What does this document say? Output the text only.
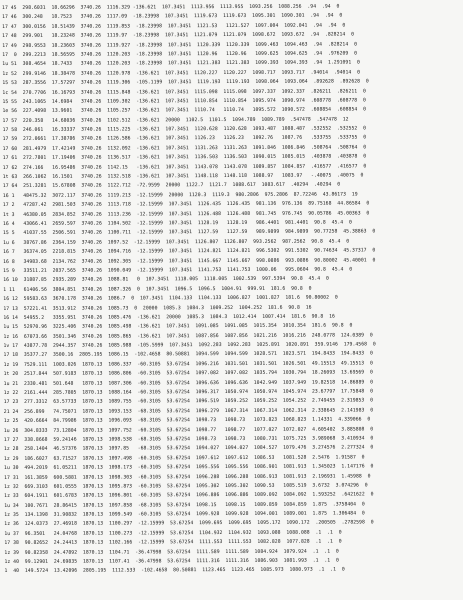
17 45  298.6031  18.66296  3740.26  1116.329 -136.621  107.3451  1113.956  1113.955  1093.256  1088.256  .94  .94  0
17 46  300.248   18.7523   3740.26  1117.09  -18.23998  107.3451  1119.673  1119.673  1095.301  1090.301  .94  .94  0
17 47  300.0156  18.51439  3740.26  1119.853  -18.23998  107.3451  1121.53   1121.527  1097.004  1092.041  .94  .94  0
17 48  299.901   18.23248  3740.26  1119.97  -18.23998  107.3451  1121.079  1121.079  1098.672  1093.672  .94  .828214  0
17 49  298.9553  18.23603  3740.26  1119.927  -18.23998  107.3451  1120.339  1120.339  1099.463  1094.463  .94  .828214  0
17  0  299.2213  18.56595  3740.26  1120.203  -18.23998  107.3451  1120.96   1120.96   1099.625  1094.625  .94  .976209  0
1u 51  308.4654  18.7433   3740.26  1120.203  -18.23998  107.3451  1121.383  1121.383  1099.393  1094.393  .94  1.291091  0
1z 52  299.9146  18.38478  3740.26  1120.978  -136.621  107.3451  1120.227  1120.227  1098.717  1093.717  .94014  .94014  0
15 53  287.3556  17.57297  3740.26  1119.306  -105.1199  107.3451  1119.193  1119.193  1098.064  1093.064  .892628  .892628  0
1c 54  270.7706  16.16793  3740.26  1115.848  -136.621  107.3451  1115.098  1115.098  1097.337  1092.337  .826211  .826211  0
15 55  243.1065  14.6984   3740.26  1109.302  -136.621  107.3451  1110.854  1110.854  1095.974  1090.974  .608778  .608778  0
1e 56  227.4098  13.9601   3740.26  1105.257  -136.621  107.3451  1110.74   1110.74   1095.572  1090.572  .608854  .608854  0
17 57  220.358   14.68036  3740.26  1102.512  -136.621  20000  1102.5  1101.5  1094.789  1089.789  .547478  .547478  12
17 58  246.061   16.33337  3740.26  1115.225  -136.621  107.3451  1120.628  1120.628  1093.487  1088.487  .532552  .532552  0
17 59  272.0661  17.38786  3740.26  1126.586  -136.621  107.3451  1126.23   1126.23   1092.76   1087.76   .533755  .533755  0
17 60  281.4979  17.42149  3740.26  1132.092  -136.621  107.3451  1131.263  1131.263  1091.846  1086.846  .508764  .508764  0
17 61  272.7801  17.19406  3740.26  1136.517  -136.621  107.3451  1136.503  1136.503  1090.015  1085.015  .403878  .403878  0
17 62  274.166   16.95486  3740.26  1142.15   -136.621  107.3451  1143.078  1143.078  1089.857  1084.857  .416577  .416577  0
1t 63  266.1062  16.1501   3740.26  1132.518  -136.621  107.3451  1148.118  1148.118  1088.97   1083.97   -.40075  .40075  0
17 64  251.3281  15.67808  3740.26  1122.712  -72.9599  20000  1122.7  1121.7  1088.617  1083.617  .40294  .40294  0
16 1   48475.32  3072.117  3740.26  1119.213  -12.15999  20000  1120.3  1119.3  980.2806  975.2806  87.72246  43.86173  19
17 2   47287.42  2981.503  3740.26  1113.718  -12.15999  107.3451  1126.435  1126.435  981.136  976.136  89.75168  44.86584  0
1t 3   46380.05  2834.852  3740.26  1113.236  -12.15999  107.3451  1126.488  1126.488  981.745  976.745  90.05786  45.00363  0
16 4   43066.41  2659.597  3740.26  1104.502  -12.15999  107.3451  1128.19   1128.19   986.4401  981.4401  90.8  45.4  0
15 5   41037.55  2506.591  3740.26  1100.711  -12.15999  107.3451  1127.59   1127.59   989.9899  984.9899  90.77258  45.38863  0
1u 6   38767.86  2364.159  3740.26  1097.52  -12.15999  107.3451  1126.807  1126.807  993.2562  987.2562  90.8  45.4  0
16 7   36374.05  2218.815  3740.26  1094.716  -12.15999  107.3451  1124.821  1124.821  996.5302  991.5302  90.74634  45.37317  0
16 8   34983.68  2134.762  3740.26  1092.305  -12.15999  107.3451  1145.667  1145.667  998.0886  993.0886  90.80002  45.40001  0
15 9   33511.21  2037.565  3740.26  1090.049  -12.15999  107.3451  1141.753  1141.753  1000.06   995.0604  90.8  45.4  0
16 10  31887.85  2935.289  3740.26  1088.81   0  107.3451  1118.005  1118.005  1002.539  997.5394  90.8  45.4  0
1 11   61406.56  3804.851  3740.26  1087.326  0  107.3451  1096.5  1096.5  1004.91  999.91  181.6  90.8  0
16 12  59583.63  3670.178  3740.26  1086.7  0  107.3451  1104.133  1104.133  1006.827  1001.827  181.6  90.80002  0
17 13  57221.41  3513.912  3740.26  1085.73  0  20000  1085.3  1084.3  1009.252  1004.252  181.6  90.8  16
16 14  54955.2   3355.951  3740.26  1085.476  -136.621  20000  1085.3  1084.3  1012.414  1007.414  181.6  90.8  16
1u 15  52970.96  3225.406  3740.26  1085.498  -136.621  107.3451  1091.085  1091.085  1015.354  1010.354  181.6  90.8  0
1z 16  67073.66  3501.346  3740.26  1085.865  -136.621  107.3451  1087.856  1087.856  1021.216  1016.216  248.0778  124.0389  0
1v 17  43877.78  2944.357  3740.26  1085.988  -105.5999  107.3451  1092.283  1092.283  1025.891  1020.891  359.9146  179.4568  0
17 18  35377.27  3500.16  2805.195  1086.15  -102.4658  80.50881  1094.599  1094.599  1028.571  1023.571  194.8433  194.8433  0
1z 19  7529.111  1003.026  1870.13  1086.337  -60.3105  53.67254  1096.216  1031.501  1031.501  1026.501  49.15513  49.15513  0
1t 20  2517.844  507.9183  1870.13  1086.806  -60.3105  53.67254  1097.082  1097.082  1035.794  1030.794  18.26093  13.69569  0
1u 21  2330.481  501.648   1870.13  1087.306  -60.3105  53.67254  1096.636  1096.636  1042.949  1037.949  19.82518  14.86889  0
1z 22  2161.444  285.7805  1870.13  1088.164  -60.3105  53.67254  1096.317  1050.974  1050.974  1045.974  23.67797  17.75848  0
17 23  277.3312  63.57733  1870.13  1089.755  -60.3105  53.67254  1096.519  1059.252  1059.252  1054.252  2.749455  2.319853  0
21 24  256.899   74.75071  1870.13  1093.153  -68.3105  53.67254  1096.279  1067.314  1067.314  1062.314  2.338645  2.141983  0
1z 25  420.6664  84.79986  1870.13  1096.093  -68.3105  53.67254  1098.73   1098.73   1073.823  1068.823  1.14331  4.339066  0
1u 26  304.8333  73.12804  1870.13  1097.752  -60.3105  53.67254  1098.77   1098.77   1077.027  1072.027  4.605402  3.885808  0
17 27  338.8668  59.24146  1870.13  1098.538  -68.3105  53.67254  1098.73   1098.73   1080.731  1075.725  3.989068  3.410934  0
1z 28  258.1404  46.57376  1870.13  1097.85   -68.3105  53.67254  1094.027  1094.027  1084.527  1079.476  3.274576  2.277324  0
1z 29  186.6027  63.71527  1870.13  1097.498  -60.3105  53.67254  1097.612  1097.612  1086.53   1081.528  2.5476  1.91587  0
1u 30  494.2019  61.05211  1870.13  1098.173  -60.3105  53.67254  1095.556  1095.556  1086.901  1081.913  1.345023  1.147176  0
17 31  161.3859  600.5881  1870.13  1098.303  -60.3105  53.67254  1096.288  1096.288  1086.913  1081.913  2.196931  1.45988  0
1z 32  669.3103  601.0555  1870.13  1095.873  -60.3105  53.67254  1095.302  1095.302  1090.53   1085.519  3.6732  3.074296  0
1z 33  604.1911  601.6783  1870.13  1096.801  -60.3105  53.67254  1096.886  1096.886  1089.092  1084.092  1.593252  .6421622  0
1u 34  100.7671  28.86415  1870.13  1097.858  -68.3105  53.67254  1098.15   1098.15   1089.859  1084.859  1.875  .3758404  0
1z 35  134.1398  31.90832  1870.13  1099.549  -60.3105  53.67254  1099.928  1099.928  1094.001  1089.001  1.875  1.306484  0
1z 36  124.0373  27.46918  1870.13  1100.297  -12.15999  53.67254  1099.695  1099.695  1095.172  1090.172  .200505  .2782598  0
1u 37  96.3501   24.04768  1870.13  1100.273  -12.15999  53.67254  1104.932  1104.932  1093.088  1088.088  .1  .1  0
17 38  90.82652  24.24413  1870.13  1102.166  -12.15999  53.67254  1111.553  1111.553  1082.828  1077.828  .1  .1  0
1z 39  90.82358  24.47892  1870.13  1104.71  -36.47998  53.67254  1111.589  1111.589  1084.924  1079.924  .1  .1  0
1z 40  99.12901  24.69835  1870.13  1107.41  -36.47998  53.67254  1111.316  1111.316  1086.903  1081.993  .1  .1  0
1  40  149.5724  13.42096  2805.195  1112.533  -102.4658  80.50881  1123.465  1123.465  1085.973  1080.973  .1  .1  0
